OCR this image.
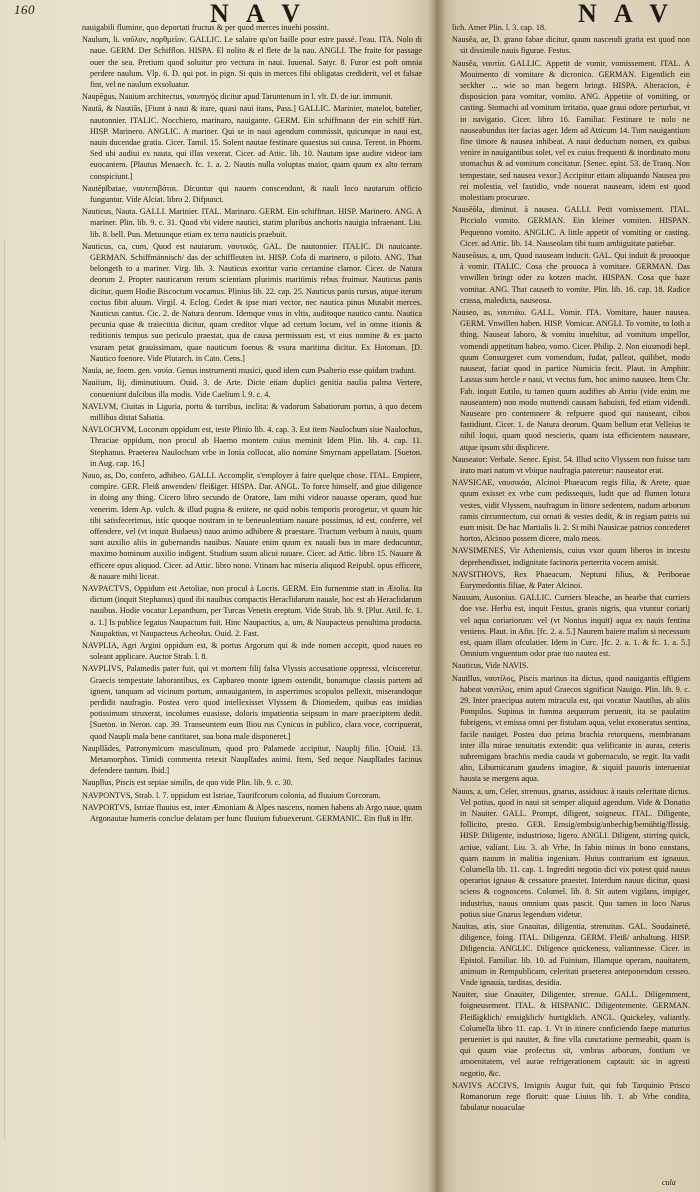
160	N A V	N A V

nauigabili flumine, quo deportati fructus & per quod merces inuehi possint.

Naulum, li. ναῦλον, πορθμεῖον. GALLIC. Le salaire qu'on baille pour estre passé. l'eau. ITA. Nolo di naue. GERM. Der Schifflon. HISPA. El nolito & el flete de la nau. ANGLI. The fraite for passage ouer the sea. Pretium quod soluitur pro vectura in naui. Iuuenal. Satyr. 8. Furor est poft omnia perdere naulum. Vlp. 6. D. qui pot. in pign. Si quis in merces fibi obligatas crediderit, vel et falsae fint, vel ne naulum exsoluatur.

Naupēgus, Nauium architectus, ναυπηγός dicitur apud Taruntenum in l. vlt. D. de iur. immunit.

Nautā, & Nautiās, [Fiunt à naui & itare, quasi naui itans, Pass.] GALLIC. Marinier, matelot, batelier, nautonnier. ITALIC. Nocchiero, marinaro, nauigante. GERM. Ein schiffmann der ein schiff fürt. HISP. Marinero. ANGLIC. A mariner. Qui se in naui agendum commissit, quicunque in naui est, nauis ducendae gratia. Cicer. Tamil. 15. Solent nautae festinare quaestus sui causa. Terent. in Phorm. Sed ubi audiui ex nauta, qui illas vexerat. Cicer. ad Attic. lib. 10. Nautam ipse audire videor iam euocantem. [Plautus Menaech. fc. 1. a. 2. Nautis nulla voluptas maior, quam quum ex alto terram conspiciunt.]

Nautēpĭbatae, ναυτεπιβάται. Dicuntur qui nauem conscendunt, & nauli loco nautarum officio funguntur. Vide Alciat. libro 2. Difpunct.

Nauticus, Nauta. GALLI. Marinier. ITAL. Marinaro. GERM. Ein schiffman. HISP. Marinero. ANG. A mariner. Plin. lib. 9. c. 31. Quod vbi videre nautici, statim pluribus anchoris nauigia infraenant. Liu. lib. 8. bell. Pun. Metuunque etiam ex terra nauticis praebuit.

Nauticus, ca, cum, Quod est nautarum. ναυτικός. GAL. De nautonnier. ITALIC. Di nauicante. GERMAN. Schiffmännisch/ das der schiffleuten ist. HISP. Cofa di marinero, o piloto. ANG. That belongeth to a mariner. Virg. lib. 3. Nauticus exoritur vario certamine clamor. Cicer. de Natura deorum 2. Propter nauticarum rerum scientiam plurimis maritimis rebus fruimur. Nauticus panis dicitur, quem Hodie Biscoctum vocamus. Plinius lib. 22. cap. 25. Nauticus panis rursus, atque iterum coctus fibit aluum. Virgil. 4. Eclog. Cedet & ipse mari vector, nec nautica pinus Mutabit merces. Nauticus cantus. Cic. 2. de Natura deorum. Idemque vnus in vltis, auditoque nautico cantu. Nautica pecunia quae & traiectitia dicitur, quam creditor vlque ad certum locum, vel in omne itionis & reditionis tempus suo periculo praestat, qua de causa permissum est, vt eius nomine & ex pacto vsuram petat grauissimam, quae nauticum foenus & vsura maritima dicitur. Ex Hotoman. [D. Nautico foenore. Vide Plutarch. in Cato. Cens.]

Nauia, ae, foem. gen. ναυία. Genus instrumenti musici, quod idem cum Psalterio esse quidam tradunt.

Nauiium, lij, diminutiuum. Ouid. 3. de Arte. Dicte etiam duplici genitia naulia palma Vertere, conueniunt dulcibus illa modis. Vide Caelium l. 9. c. 4.

NAVLVM, Ciuitas in Liguria, portu & turribus, inclita: & vadorum Sabatiorum portus, à quo decem millibus distat Sabatia.

NAVLOCHVM, Locorum oppidum est, teste Plinio lib. 4. cap. 3. Est item Naulochum siue Naulochus, Thraciae oppidum, non procul ab Haemo montem cuius meminit Idem Plin. lib. 4. cap. 11. Stephanus. Praeterea Naulochum vrbe in Ionia collocat, alio nomine Smyrnam appellatam. [Sueton. in Aug. cap. 16.]

Nauo, as, Do, confero, adhibeo. GALLI. Accomplir, s'employer à faire quelque chose. ITAL. Empiere, compire. GER. Fleiß anwenden/ fleißiger. HISPA. Dar. ANGL. To force himself, and giue diligence in doing any thing. Cicero libro secundo de Oratore, Iam mihi videor nauasse operam, quod huc venerim. Idem Ap. vulch. & illud pugna & enitere, ne quid nobis temporis prorogetur, vt quum hic tibi satisfecerimus, istic quoque nostram in te beneuolentiam nauare possimus, id est, conferre, vel offendere, vel (vt inquit Budaeus) nauo animo adhibere & praestare. Tractum verbum à nauis, quum sunt auxilio aliis in gubernandis nauibus. Nauare enim quum ex nauali bus in mare deducuntur, maximo hominum auxilio indigent. Studium suum alicui nauare. Cicer. ad Attic. libro 15. Nauare & efficere opus aliquod. Cicer. ad Attic. libro nono. Vtinam hac miseria aliquod Reipubl. opus efficere, & nauare mihi liceat.

NAVPACTVS, Oppidum est Aetoliae, non procul à Locris. GERM. Ein furnemme statt in Ætolia. Ita dictum (inquit Stephanus) quod ibi nauibus compactis Heraclidarum nauale, hoc est ab Heraclidarum nauibus. Hodie vocatur Lepanthum, per Turcas Venetis ereptum. Vide Strab. lib. 9. [Plut. Attil. fc. 1. a. 1.] Is publice legatus Naupactum fuit. Hinc Naupactius, a, um, & Naupacteus penultima producta. Naupaktius, vt Naupacteus Acheolus. Ouid. 2. Fast.

NAVPLIA, Agri Argini oppidum est, & portus Argorum qui & inde nomen accepit, quod naues eo soleant applicare. Auctor Strab. l. 8.

NAVPLIVS, Palamedis pater fuit, qui vt mortem filij falsa Vlyssis accusatione oppressi, vlcisceretur. Graecis tempestate laborantibus, ex Caphareo monte ignem ostendit, bonamque classis partem ad ignem, tanquam ad vicinum portum, annauigantem, in asperrimos scopulos pellexit, miserandoque perdidit naufragio. Postea vero quod intellexisset Vlyssem & Diomedem, quibus eas insidias potissimum struxerat, incolumes euasisse, doloris impatientia seipsum in mare praecipitem dedit. [Sueton. in Neron. cap. 39. Transeuntem eum Iliou rus Cynicus in publico, clara voce, corripuerat, quod Naupli mala bene cantitaret, sua bona male disponeret.]

Nauplĭădes, Patronymicum masculinum, quod pro Palamede accipitur, Nauplij filio. [Ouid. 13. Metamorphos. Timidi commenta retexit Nauplĭades animi. Item, Sed neque Nauplĭades facinus defendere tantum. Ibid.]

Nauplĭus, Piscis est sepiae similis, de quo vide Plin. lib. 9. c. 30.

NAVPONTVS, Strab. l. 7. oppidum est Istriae, Taurifcorum colonia, ad fluuium Corcoram.

NAVPORTVS, Istriae fluuius est, inter Æmoniam & Alpes nascens, nomen habens ab Argo naue, quam Argonautae humeris conclue delatam per hunc fluuium fubuexerunt. GERMANIC. Ein fluß in Iftr.

lich. Amer Plin. l. 3. cap. 18.

Nausĕa, ae, D. grano fabae dicitur, quum nascendi gratia est quod non sit dissimile nauis figurae. Festus.

Nausĕa, ναυτία. GALLIC. Appetit de vomir, vomissement. ITAL. A Mouimento di vomitare & dicronico. GERMAN. Eigentlich ein seckher ... wie so man begern bringt. HISPA. Alteracion, è disposicion para vomitar, vomito. ANG. Appetite of vomiting, or casting. Stomachi ad vomitum irritatio, quae graui odore perturbat, vt in navigatio. Cicer. libro 16. Familiar. Festinare te nolo ne nauseabundus iter facias ager. Idem ad Atticum 14. Tum nauigantium fine timore & nausea inhibeat. A naui deductum nomen, ex quibus venire in nauigantibus solet, vel ex cuius frequenti & inordinato motu stomachus & ad vomitum concitatur. [Senec. epist. 53. de Tranq. Non tempestate, sed nausea vexor.] Accipitur etiam aliquando Nausea pro rei molestia, vel fastidio, vnde nouerat nauseam, idem est quod molestiam procurare.

Nausĕŏla, diminut. à nausea. GALLI. Petit vomissement. ITAL. Picciolo vomito. GERMAN. Ein kleiner vomiten. HISPAN. Pequenno vomito. ANGLIC. A little appetit of vomiting or casting. Cicer. ad Attic. lib. 14. Nauseolam tibi tuam ambiguitate patiebar.

Nauseōsus, a, um, Quod nauseam inducit. GAL. Qui induit & prouoque à vomir. ITALIC. Cosa che prouoca à vomitare. GERMAN. Das vnwillen bringt oder zu kotzen macht. HISPAN. Cosa que haze vomitar. ANG. That causeth to vomite. Plin. lib. 16. cap. 18. Radice crassa, maledicta, nauseosa.

Nauseo, as, ναυτιάω. GALL. Vomir. ITA. Vomitare, hauer nausea. GERM. Vnwillen haben. HISP. Vomicar. ANGLI. To vomite, to loth a thing. Nauseat laboro, & vomitu inuehitur, ad vomitum impellor, vomendi appetitum habeo, vomo. Cicer. Philip. 2. Non eiusmodi hepl. quum Consurgeret cum vomendum, fudat, palleat, quilibet, modo nauseat, faciat quod in partice Numicia fecit. Plaut. in Amphitr. Lassus sum hercle e naui, vt vectus fum, hoc animo nauseo. Item Chr. Fab. inquit Eutilo, tu tamen quum audiftes ab Antio (vide enim me nauseantem) non modo muttendi causam habuisti, fed etiam videndi. Nauseare pro contemnere & refpuere quod qui nauseant, cibos fastidiunt. Cicer. 1. de Natura deorum. Quam bellum erat Velleius te nihil loqui, quam quod nescieris, quam ista efficientem nauseare, atque ipsum sibi displicere.

Nauseator: Verbale. Senec. Epist. 54. Illud scito Vlyssem non fuisse tam irato mari natum vt vbique naufragia pateretur: nauseator erat.

NAVSICAE, ναυσικάα, Alcinoi Phaeacum regis filia, & Arete, quae quum exisset ex vrbe cum pedissequis, ludit que ad flumen lotura vestes, vidit Vlyssem, naufragum in littore sedentem, nudum arborum ramis circumtectum, cui ornati & vestes dedit, & in regiam patris sui eum misit. De hac Martialis li. 2. Si mihi Nausicae patrios concederet hortos, Alcinoo possem dicere, malo meos.

NAVSIMENES, Vir Atheniensis, cuius vxor quum liberos in incestu deprehendisset, indignitate facinoris perterrita vocem amisit.

NAVSITHOVS, Rex Phaeacum, Neptuni filius, & Periboeae Eurymedontis filiae, & Pater Alcinoi.

Nausum, Ausonius. GALLIC. Curriers bleache, an hearbe that curriers doe vse. Herba est, inquit Festus, granis nigris, qua vtuntur coriarij vel aqua coriariorum: vel (vt Nonius inquit) aqua ex nauis fentina veniens. Plaut. in Afin. [fc. 2. a. 5.] Naurem baiere malim si necessum est, quam illam ofculatier. Idem in Curc. [fc. 2. a. 1. & fc. 1. a. 5.] Omnium vnguentum odor prae tuo nautea est.

Nauticus, Vide NAVIS.

Nautĭlus, ναυτίλος, Piscis marinus ita dictus, quod nauigantis effigiem habeat ναυτίλος, enim apud Graecos significat Nauigo. Plin. lib. 9. c. 29. Inter praecipua autem miracula est, qui vocatur Nautilus, ab aliis Pompilos. Supinus in fumma aequorum peruenit, ita se paulatim fubrigens, vt emissa omni per fistulam aqua, velut exoneratus sentina, facile nauiget. Postea duo prima brachia retorquens, membranam inter illa mirae tenuitatis extendit: qua velificante in auras, ceteris subremigans brachiis media cauda vt gubernaculo, se regit. Ita vadit alto, Liburnicarum gaudens imagine, & siquid pauoris interueniat hausta se mergens aqua.

Nauus, a, um, Celer, strenuus, gnarus, assiduus: à nauis celeritate dictus. Vel potius, quod in naui sit semper aliquid agendum. Vide & Donatio in Nauiter. GALL. Prompt, diligent, soigneux. ITAL. Diligente, follicito, presto. GER. Emsig/embsig/anbechig/bemühtig/flissig. HISP. Diligente, industrioso, ligero. ANGLI. Diligent, stirring quick, actiue, valiant. Liu. 3. ab Vrbe, In fabio minus in bono constans, quam nauum in malitia ingenium. Huius contrarium est ignauus. Columella lib. 11. cap. 1. Ingrediti negotio dici vix potest quid nauus operarius ignauo & cessatore praestet. Interdum nauus dicitur, quasi sciens & cognoscens. Columel. lib. 8. Sit autem vigilans, impiger, industrius, nauus omnium quas pascit. Quo tamen in loco Narus potius siue Gnarus legendum videtur.

Nauitas, atis, siue Gnauitas, diligentia, strenuitas. GAL. Soudaineté, diligence, foing. ITAL. Diligenza. GERM. Fleiß/ anhaltung. HISP. Diligencia. ANGLIC. Diligence quickeness, valiantnesse. Cicer. in Epistol. Familiar. lib. 10. ad Fuinium, Illamque operam, nauitatem, animum in Rempublicam, celeritati praeterea anteponendum censeo. Vnde ignauia, tarditas, desidia.

Nauiter, siue Gnauiter, Diligenter, strenue. GALL. Diligemment, foigneusement. ITAL. & HISPANIC. Diligentemente. GERMAN. Fleißigklich/ emsigklich/ hurtigklich. ANGL. Quickeley, valiantly. Columella libro 11. cap. 1. Vt in itinere conficiendo faepe maturius perueniet is qui nauiter, & fine vlla cunctatione permeabit, quam is qui quum viae profectus sit, vmbras arborum, fontium ve amoenitatem, vel aurae refrigerationem captauit: sic in agresti negotio, &c.

NAVIVS ACCIVS, Insignis Augur fuit, qui fub Tarquinio Prisco Romanorum rege floruit: quae Liuius lib. 1. ab Vrbe condita, fabulatur nouaculae

cula
